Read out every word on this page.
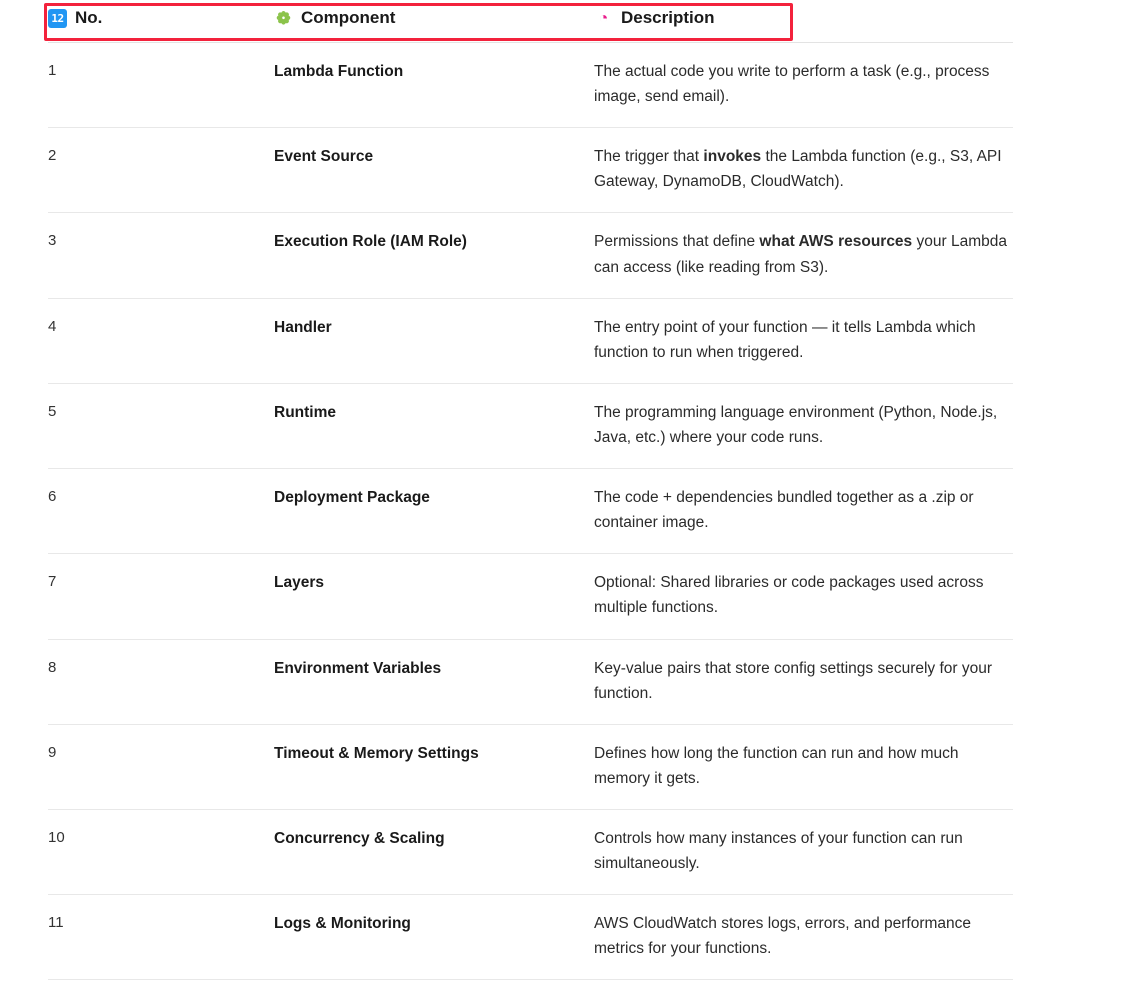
12 No.	❁ Component	◔ Description

1	Lambda Function	The actual code you write to perform a task (e.g., process image, send email).
2	Event Source	The trigger that invokes the Lambda function (e.g., S3, API Gateway, DynamoDB, CloudWatch).
3	Execution Role (IAM Role)	Permissions that define what AWS resources your Lambda can access (like reading from S3).
4	Handler	The entry point of your function — it tells Lambda which function to run when triggered.
5	Runtime	The programming language environment (Python, Node.js, Java, etc.) where your code runs.
6	Deployment Package	The code + dependencies bundled together as a .zip or container image.
7	Layers	Optional: Shared libraries or code packages used across multiple functions.
8	Environment Variables	Key-value pairs that store config settings securely for your function.
9	Timeout & Memory Settings	Defines how long the function can run and how much memory it gets.
10	Concurrency & Scaling	Controls how many instances of your function can run simultaneously.
11	Logs & Monitoring	AWS CloudWatch stores logs, errors, and performance metrics for your functions.
